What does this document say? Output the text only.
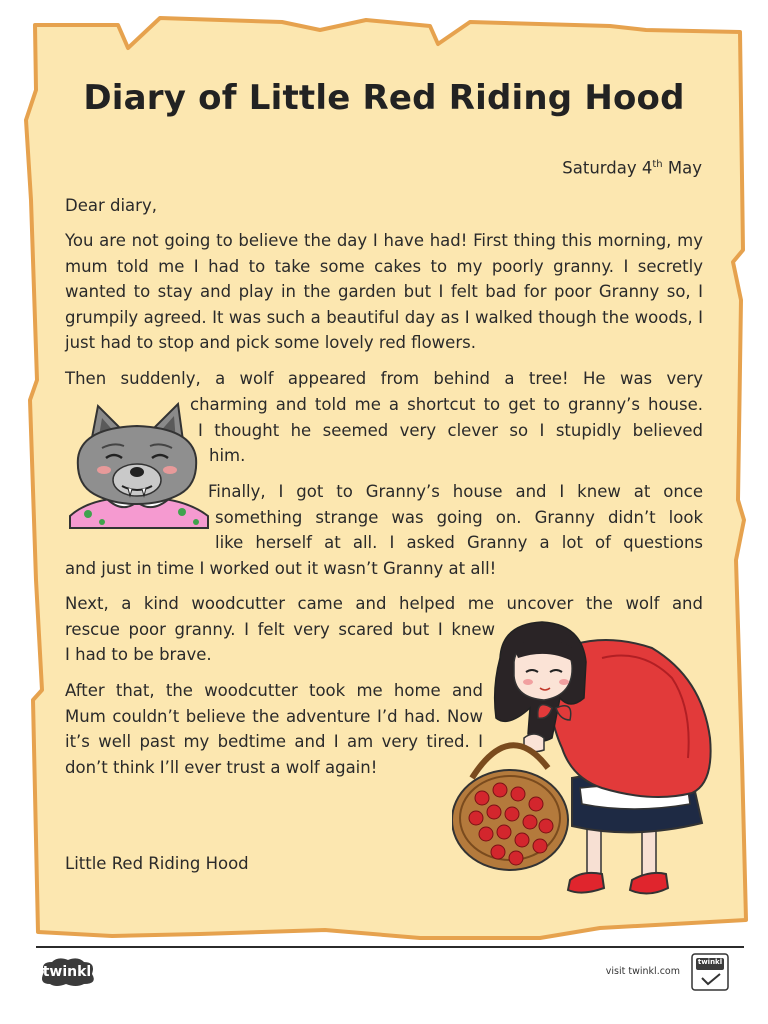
Diary of Little Red Riding Hood

Saturday 4th May

Dear diary,

You are not going to believe the day I have had! First thing this morning, my mum told me I had to take some cakes to my poorly granny. I secretly wanted to stay and play in the garden but I felt bad for poor Granny so, I grumpily agreed. It was such a beautiful day as I walked though the woods, I just had to stop and pick some lovely red flowers.

Then suddenly, a wolf appeared from behind a tree! He was very
charming and told me a shortcut to get to granny’s house.
I thought he seemed very clever so I stupidly believed
him.
Finally, I got to Granny’s house and I knew at once
something strange was going on. Granny didn’t look
like herself at all. I asked Granny a lot of questions
and just in time I worked out it wasn’t Granny at all!
Next, a kind woodcutter came and helped me uncover the wolf and
rescue poor granny. I felt very scared but I knew
I had to be brave.

After that, the woodcutter took me home and Mum couldn’t believe the adventure I’d had. Now it’s well past my bedtime and I am very tired. I don’t think I’ll ever trust a wolf again!

Little Red Riding Hood

twinkl	visit twinkl.com
twinkl
